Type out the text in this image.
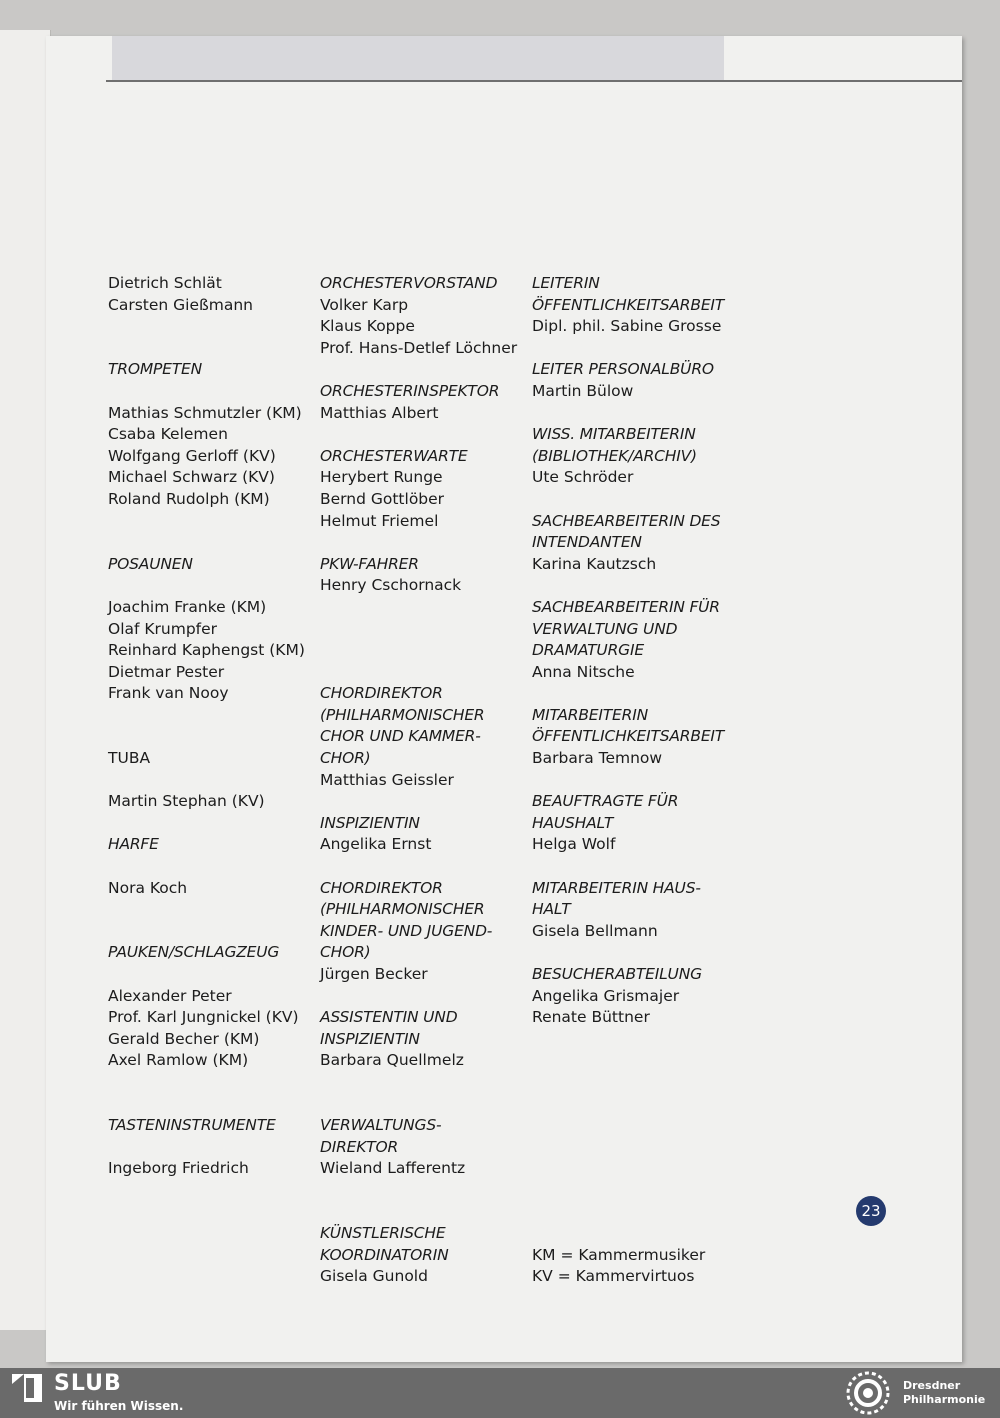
Dietrich Schlät
Carsten Gießmann
TROMPETEN
Mathias Schmutzler (KM)
Csaba Kelemen
Wolfgang Gerloff (KV)
Michael Schwarz (KV)
Roland Rudolph (KM)
POSAUNEN
Joachim Franke (KM)
Olaf Krumpfer
Reinhard Kaphengst (KM)
Dietmar Pester
Frank van Nooy
TUBA
Martin Stephan (KV)
HARFE
Nora Koch
PAUKEN/SCHLAGZEUG
Alexander Peter
Prof. Karl Jungnickel (KV)
Gerald Becher (KM)
Axel Ramlow (KM)
TASTENINSTRUMENTE
Ingeborg Friedrich
ORCHESTERVORSTAND
Volker Karp
Klaus Koppe
Prof. Hans-Detlef Löchner
ORCHESTERINSPEKTOR
Matthias Albert
ORCHESTERWARTE
Herybert Runge
Bernd Gottlöber
Helmut Friemel
PKW-FAHRER
Henry Cschornack
CHORDIREKTOR
(PHILHARMONISCHER
CHOR UND KAMMER-
CHOR)
Matthias Geissler
INSPIZIENTIN
Angelika Ernst
CHORDIREKTOR
(PHILHARMONISCHER
KINDER- UND JUGEND-
CHOR)
Jürgen Becker
ASSISTENTIN UND
INSPIZIENTIN
Barbara Quellmelz
VERWALTUNGS-
DIREKTOR
Wieland Lafferentz
KÜNSTLERISCHE
KOORDINATORIN
Gisela Gunold
LEITERIN
ÖFFENTLICHKEITSARBEIT
Dipl. phil. Sabine Grosse
LEITER PERSONALBÜRO
Martin Bülow
WISS. MITARBEITERIN
(BIBLIOTHEK/ARCHIV)
Ute Schröder
SACHBEARBEITERIN DES
INTENDANTEN
Karina Kautzsch
SACHBEARBEITERIN FÜR
VERWALTUNG UND
DRAMATURGIE
Anna Nitsche
MITARBEITERIN
ÖFFENTLICHKEITSARBEIT
Barbara Temnow
BEAUFTRAGTE FÜR
HAUSHALT
Helga Wolf
MITARBEITERIN HAUS-
HALT
Gisela Bellmann
BESUCHERABTEILUNG
Angelika Grismajer
Renate Büttner
KM = Kammermusiker
KV = Kammervirtuos
23
SLUB
Wir führen Wissen.
Dresdner
Philharmonie
